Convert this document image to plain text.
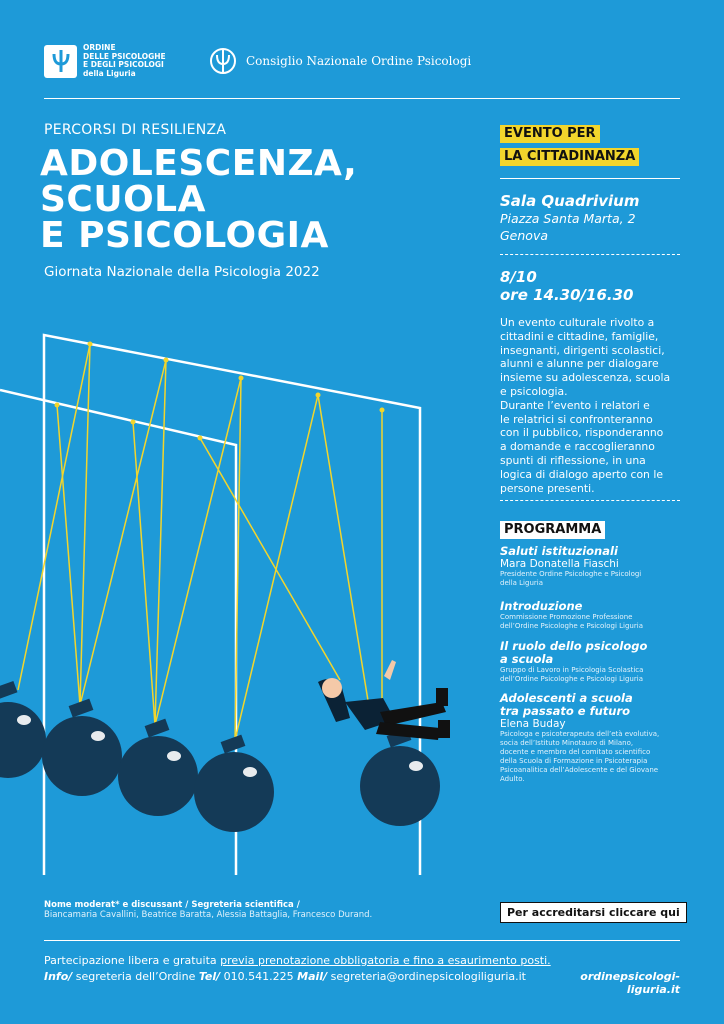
ORDINE
DELLE PSICOLOGHE
E DEGLI PSICOLOGI
della Liguria
Consiglio Nazionale Ordine Psicologi
PERCORSI DI RESILIENZA
ADOLESCENZA,
SCUOLA
E PSICOLOGIA
Giornata Nazionale della Psicologia 2022
EVENTO PER
LA CITTADINANZA
Sala Quadrivium
Piazza Santa Marta, 2
Genova
8/10
ore 14.30/16.30
Un evento culturale rivolto a
cittadini e cittadine, famiglie,
insegnanti, dirigenti scolastici,
alunni e alunne per dialogare
insieme su adolescenza, scuola
e psicologia.
Durante l’evento i relatori e
le relatrici si confronteranno
con il pubblico, risponderanno
a domande e raccoglieranno
spunti di riflessione, in una
logica di dialogo aperto con le
persone presenti.
PROGRAMMA
Saluti istituzionali
Mara Donatella Fiaschi
Presidente Ordine Psicologhe e Psicologi
della Liguria
Introduzione
Commissione Promozione Professione
dell’Ordine Psicologhe e Psicologi Liguria
Il ruolo dello psicologo
a scuola
Gruppo di Lavoro in Psicologia Scolastica
dell’Ordine Psicologhe e Psicologi Liguria
Adolescenti a scuola
tra passato e futuro
Elena Buday
Psicologa e psicoterapeuta dell’età evolutiva,
socia dell’Istituto Minotauro di Milano,
docente e membro del comitato scientifico
della Scuola di Formazione in Psicoterapia
Psicoanalitica dell’Adolescente e del Giovane
Adulto.
Nome moderat* e discussant / Segreteria scientifica /
Biancamaria Cavallini, Beatrice Baratta, Alessia Battaglia, Francesco Durand.	Per accreditarsi cliccare qui
Partecipazione libera e gratuita previa prenotazione obbligatoria e fino a esaurimento posti.
Info/ segreteria dell’Ordine Tel/ 010.541.225 Mail/ segreteria@ordinepsicologiliguria.it	ordinepsicologi-liguria.it
